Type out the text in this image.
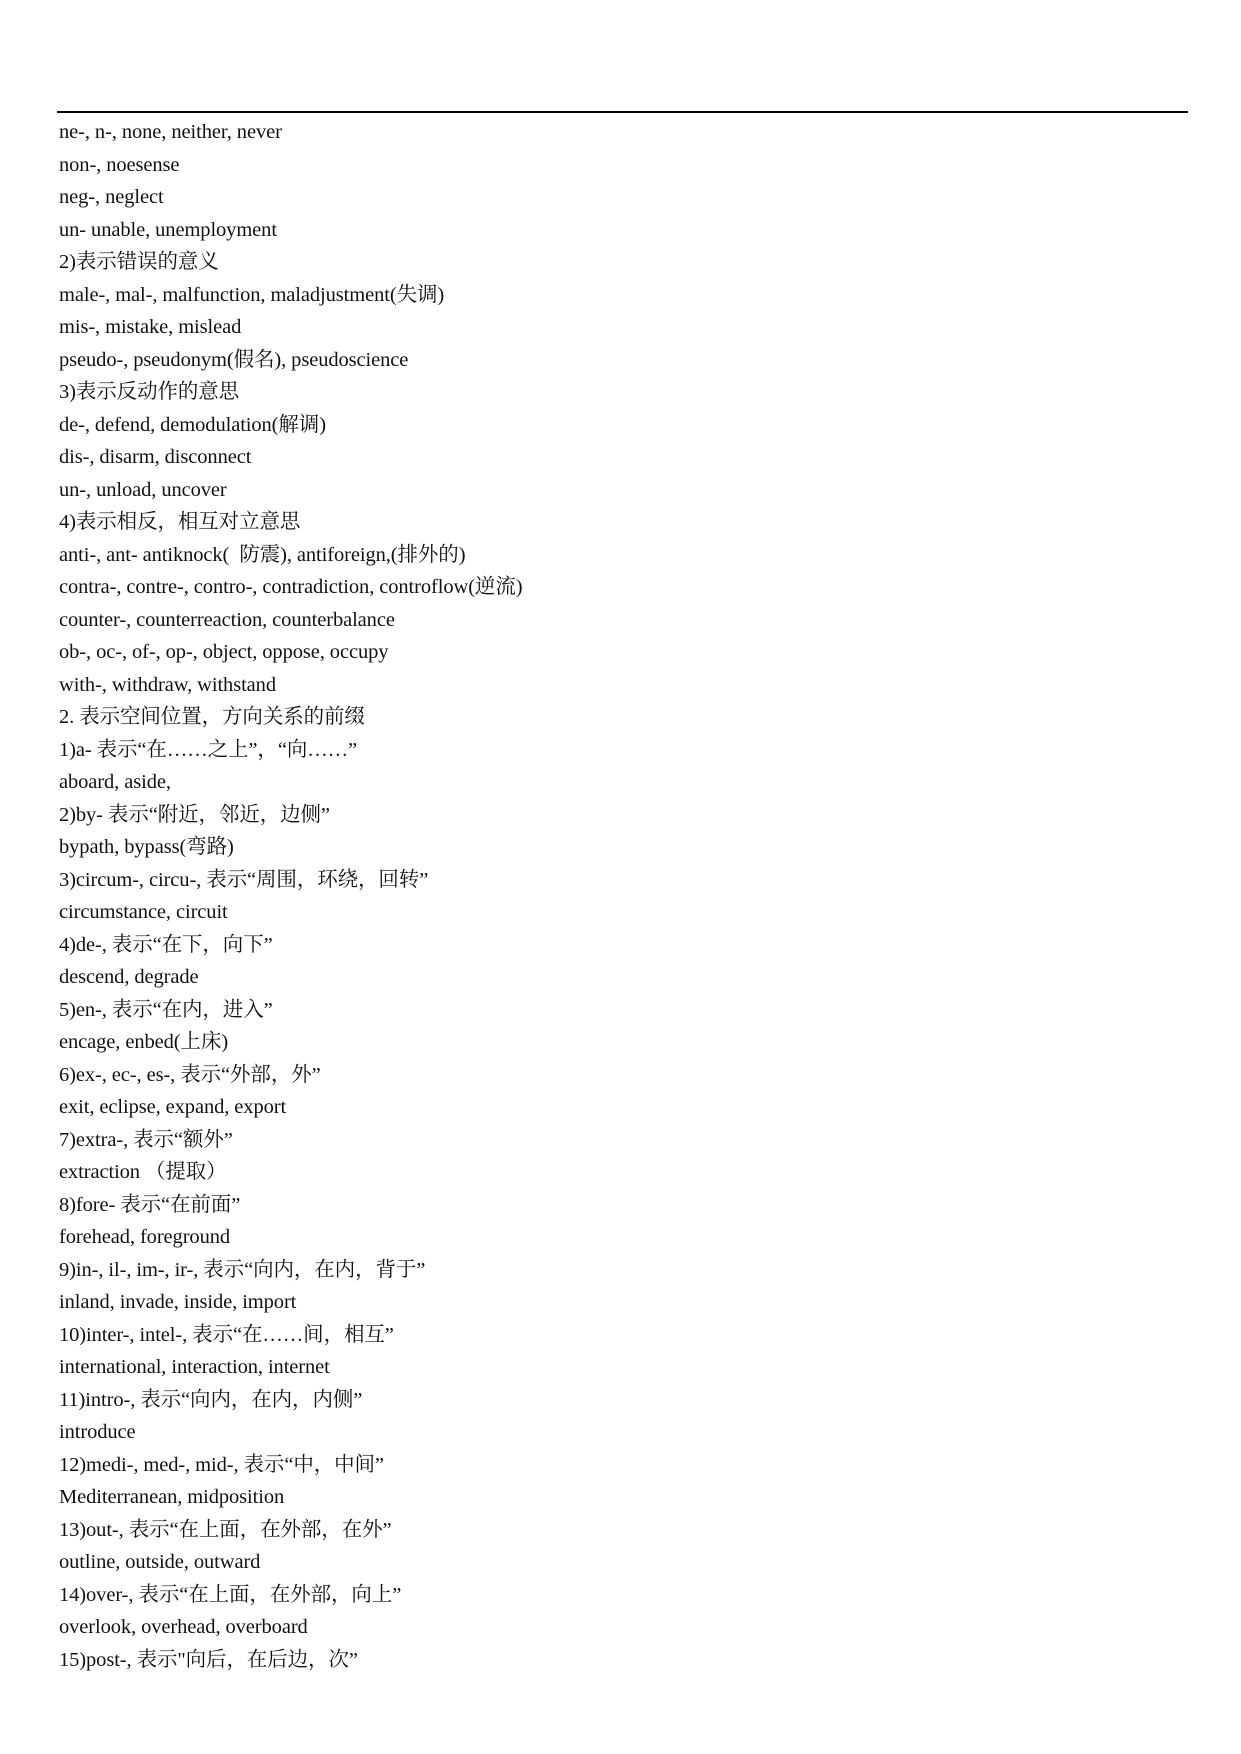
ne-, n-, none, neither, never
non-, noesense
neg-, neglect
un- unable, unemployment
2)表示错误的意义
male-, mal-, malfunction, maladjustment(失调)
mis-, mistake, mislead
pseudo-, pseudonym(假名), pseudoscience
3)表示反动作的意思
de-, defend, demodulation(解调)
dis-, disarm, disconnect
un-, unload, uncover
4)表示相反，相互对立意思
anti-, ant- antiknock(  防震), antiforeign,(排外的)
contra-, contre-, contro-, contradiction, controflow(逆流)
counter-, counterreaction, counterbalance
ob-, oc-, of-, op-, object, oppose, occupy
with-, withdraw, withstand
2. 表示空间位置，方向关系的前缀
1)a- 表示“在……之上”，“向……”
aboard, aside,
2)by- 表示“附近，邻近，边侧”
bypath, bypass(弯路)
3)circum-, circu-, 表示“周围，环绕，回转”
circumstance, circuit
4)de-, 表示“在下，向下”
descend, degrade
5)en-, 表示“在内，进入”
encage, enbed(上床)
6)ex-, ec-, es-, 表示“外部，外”
exit, eclipse, expand, export
7)extra-, 表示“额外”
extraction （提取）
8)fore- 表示“在前面”
forehead, foreground
9)in-, il-, im-, ir-, 表示“向内，在内，背于”
inland, invade, inside, import
10)inter-, intel-, 表示“在……间，相互”
international, interaction, internet
11)intro-, 表示“向内，在内，内侧”
introduce
12)medi-, med-, mid-, 表示“中，中间”
Mediterranean, midposition
13)out-, 表示“在上面，在外部，在外”
outline, outside, outward
14)over-, 表示“在上面，在外部，向上”
overlook, overhead, overboard
15)post-, 表示"向后，在后边，次”
